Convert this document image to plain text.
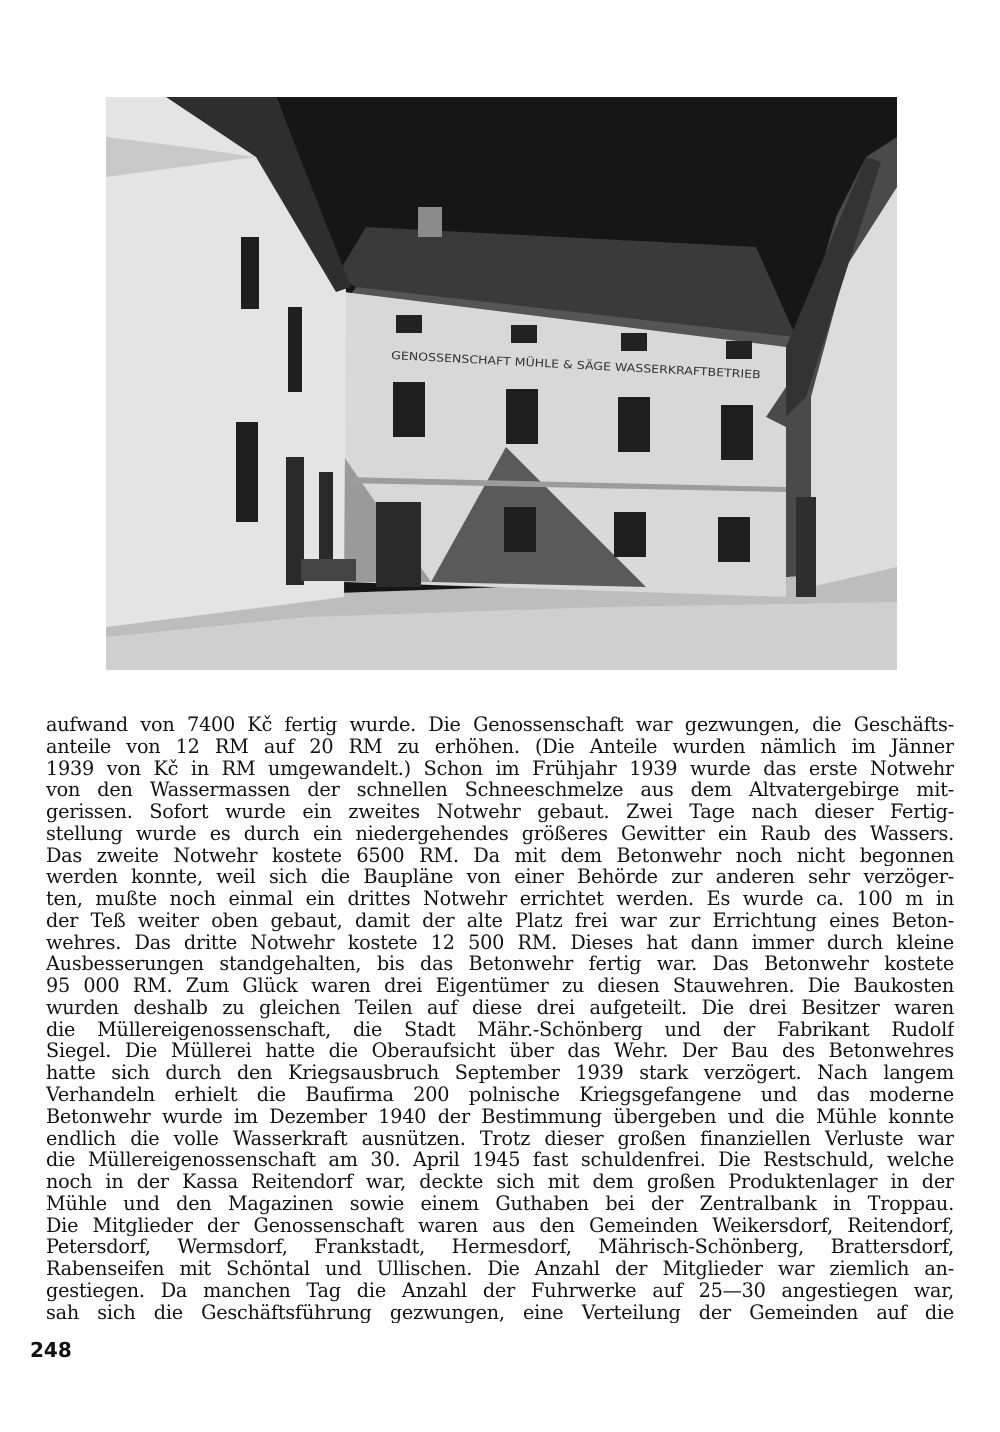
GENOSSENSCHAFT MÜHLE & SÄGE WASSERKRAFTBETRIEB
aufwand von 7400 Kč fertig wurde. Die Genossenschaft war gezwungen, die Geschäfts-
anteile von 12 RM auf 20 RM zu erhöhen. (Die Anteile wurden nämlich im Jänner
1939 von Kč in RM umgewandelt.) Schon im Frühjahr 1939 wurde das erste Notwehr
von den Wassermassen der schnellen Schneeschmelze aus dem Altvatergebirge mit-
gerissen. Sofort wurde ein zweites Notwehr gebaut. Zwei Tage nach dieser Fertig-
stellung wurde es durch ein niedergehendes größeres Gewitter ein Raub des Wassers.
Das zweite Notwehr kostete 6500 RM. Da mit dem Betonwehr noch nicht begonnen
werden konnte, weil sich die Baupläne von einer Behörde zur anderen sehr verzöger-
ten, mußte noch einmal ein drittes Notwehr errichtet werden. Es wurde ca. 100 m in
der Teß weiter oben gebaut, damit der alte Platz frei war zur Errichtung eines Beton-
wehres. Das dritte Notwehr kostete 12 500 RM. Dieses hat dann immer durch kleine
Ausbesserungen standgehalten, bis das Betonwehr fertig war. Das Betonwehr kostete
95 000 RM. Zum Glück waren drei Eigentümer zu diesen Stauwehren. Die Baukosten
wurden deshalb zu gleichen Teilen auf diese drei aufgeteilt. Die drei Besitzer waren
die Müllereigenossenschaft, die Stadt Mähr.-Schönberg und der Fabrikant Rudolf
Siegel. Die Müllerei hatte die Oberaufsicht über das Wehr. Der Bau des Betonwehres
hatte sich durch den Kriegsausbruch September 1939 stark verzögert. Nach langem
Verhandeln erhielt die Baufirma 200 polnische Kriegsgefangene und das moderne
Betonwehr wurde im Dezember 1940 der Bestimmung übergeben und die Mühle konnte
endlich die volle Wasserkraft ausnützen. Trotz dieser großen finanziellen Verluste war
die Müllereigenossenschaft am 30. April 1945 fast schuldenfrei. Die Restschuld, welche
noch in der Kassa Reitendorf war, deckte sich mit dem großen Produktenlager in der
Mühle und den Magazinen sowie einem Guthaben bei der Zentralbank in Troppau.
Die Mitglieder der Genossenschaft waren aus den Gemeinden Weikersdorf, Reitendorf,
Petersdorf, Wermsdorf, Frankstadt, Hermesdorf, Mährisch-Schönberg, Brattersdorf,
Rabenseifen mit Schöntal und Ullischen. Die Anzahl der Mitglieder war ziemlich an-
gestiegen. Da manchen Tag die Anzahl der Fuhrwerke auf 25—30 angestiegen war,
sah sich die Geschäftsführung gezwungen, eine Verteilung der Gemeinden auf die
248
